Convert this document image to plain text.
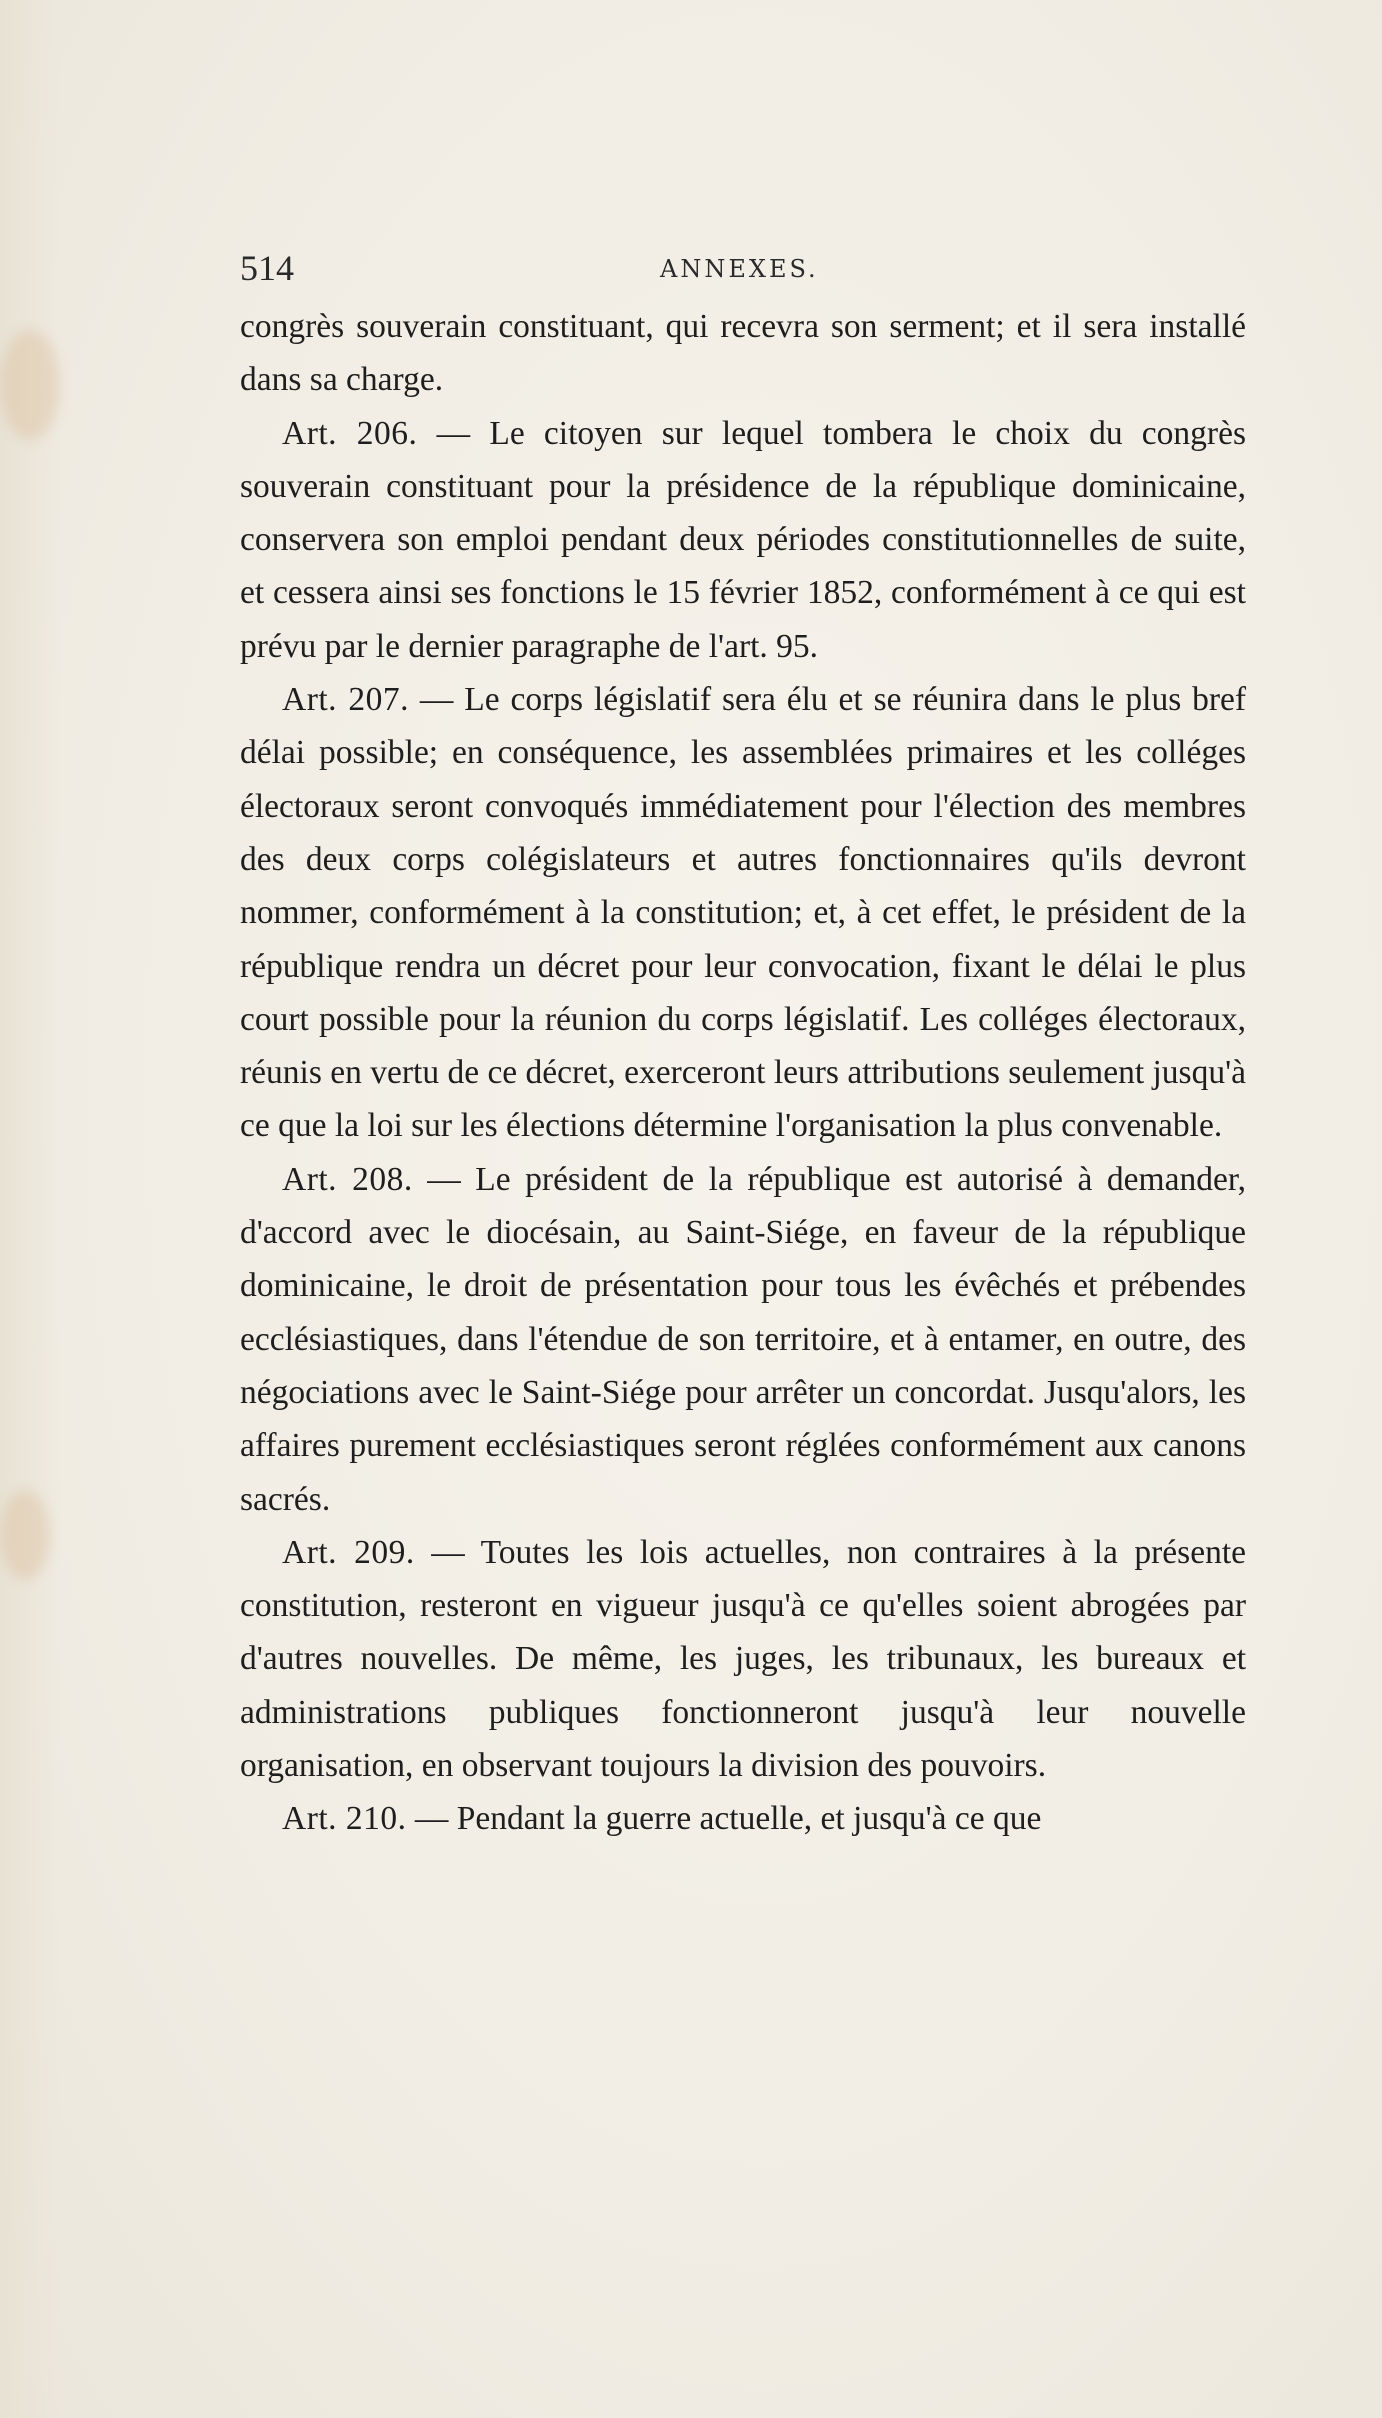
514	ANNEXES.

congrès souverain constituant, qui recevra son serment; et il sera installé dans sa charge.

Art. 206. — Le citoyen sur lequel tombera le choix du congrès souverain constituant pour la présidence de la république dominicaine, conservera son emploi pendant deux périodes constitutionnelles de suite, et cessera ainsi ses fonctions le 15 février 1852, conformément à ce qui est prévu par le dernier paragraphe de l'art. 95.

Art. 207. — Le corps législatif sera élu et se réunira dans le plus bref délai possible; en conséquence, les assemblées primaires et les colléges électoraux seront convoqués immédiatement pour l'élection des membres des deux corps colégislateurs et autres fonctionnaires qu'ils devront nommer, conformément à la constitution; et, à cet effet, le président de la république rendra un décret pour leur convocation, fixant le délai le plus court possible pour la réunion du corps législatif. Les colléges électoraux, réunis en vertu de ce décret, exerceront leurs attributions seulement jusqu'à ce que la loi sur les élections détermine l'organisation la plus convenable.

Art. 208. — Le président de la république est autorisé à demander, d'accord avec le diocésain, au Saint-Siége, en faveur de la république dominicaine, le droit de présentation pour tous les évêchés et prébendes ecclésiastiques, dans l'étendue de son territoire, et à entamer, en outre, des négociations avec le Saint-Siége pour arrêter un concordat. Jusqu'alors, les affaires purement ecclésiastiques seront réglées conformément aux canons sacrés.

Art. 209. — Toutes les lois actuelles, non contraires à la présente constitution, resteront en vigueur jusqu'à ce qu'elles soient abrogées par d'autres nouvelles. De même, les juges, les tribunaux, les bureaux et administrations publiques fonctionneront jusqu'à leur nouvelle organisation, en observant toujours la division des pouvoirs.

Art. 210. — Pendant la guerre actuelle, et jusqu'à ce que
